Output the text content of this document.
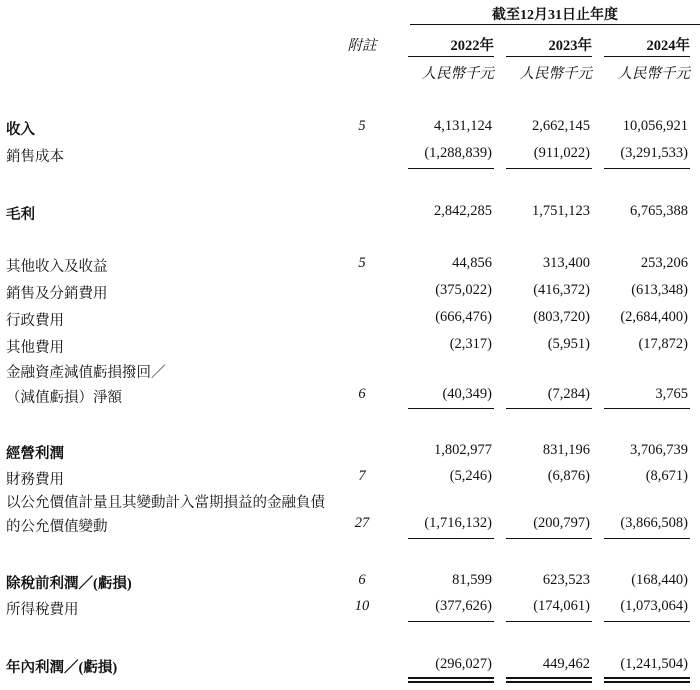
截至12月31日止年度
附註	2022年	2023年	2024年
人民幣千元	人民幣千元	人民幣千元
收入	5	4,131,124	2,662,145	10,056,921
銷售成本	(1,288,839)	(911,022)	(3,291,533)
毛利	2,842,285	1,751,123	6,765,388
其他收入及收益	5	44,856	313,400	253,206
銷售及分銷費用	(375,022)	(416,372)	(613,348)
行政費用	(666,476)	(803,720)	(2,684,400)
其他費用	(2,317)	(5,951)	(17,872)
金融資產減值虧損撥回／
（減值虧損）淨額	6	(40,349)	(7,284)	3,765
經營利潤	1,802,977	831,196	3,706,739
財務費用	7	(5,246)	(6,876)	(8,671)
以公允價值計量且其變動計入當期損益的金融負債
的公允價值變動	27	(1,716,132)	(200,797)	(3,866,508)
除稅前利潤／(虧損)	6	81,599	623,523	(168,440)
所得稅費用	10	(377,626)	(174,061)	(1,073,064)
年內利潤／(虧損)	(296,027)	449,462	(1,241,504)
